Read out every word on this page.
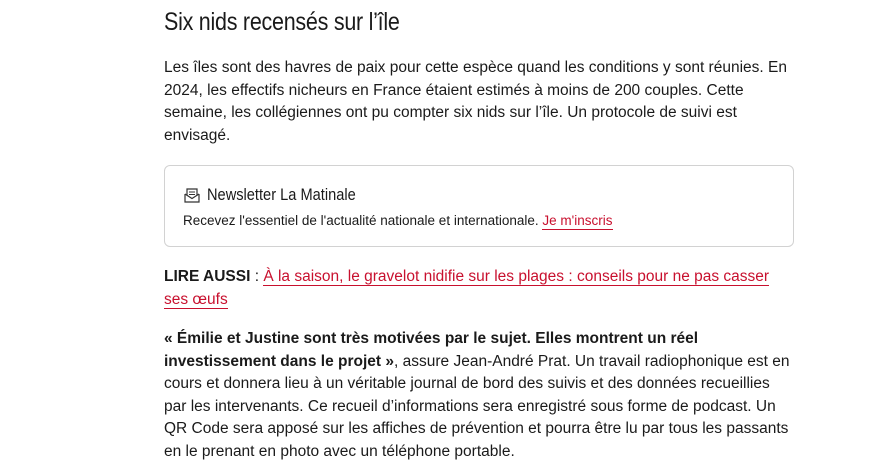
Six nids recensés sur l’île

Les îles sont des havres de paix pour cette espèce quand les conditions y sont réunies. En 2024, les effectifs nicheurs en France étaient estimés à moins de 200 couples. Cette semaine, les collégiennes ont pu compter six nids sur l’île. Un protocole de suivi est envisagé.

Newsletter La Matinale
Recevez l'essentiel de l'actualité nationale et internationale. Je m'inscris

LIRE AUSSI : À la saison, le gravelot nidifie sur les plages : conseils pour ne pas casser ses œufs

« Émilie et Justine sont très motivées par le sujet. Elles montrent un réel investissement dans le projet », assure Jean-André Prat. Un travail radiophonique est en cours et donnera lieu à un véritable journal de bord des suivis et des données recueillies par les intervenants. Ce recueil d’informations sera enregistré sous forme de podcast. Un QR Code sera apposé sur les affiches de prévention et pourra être lu par tous les passants en le prenant en photo avec un téléphone portable.
